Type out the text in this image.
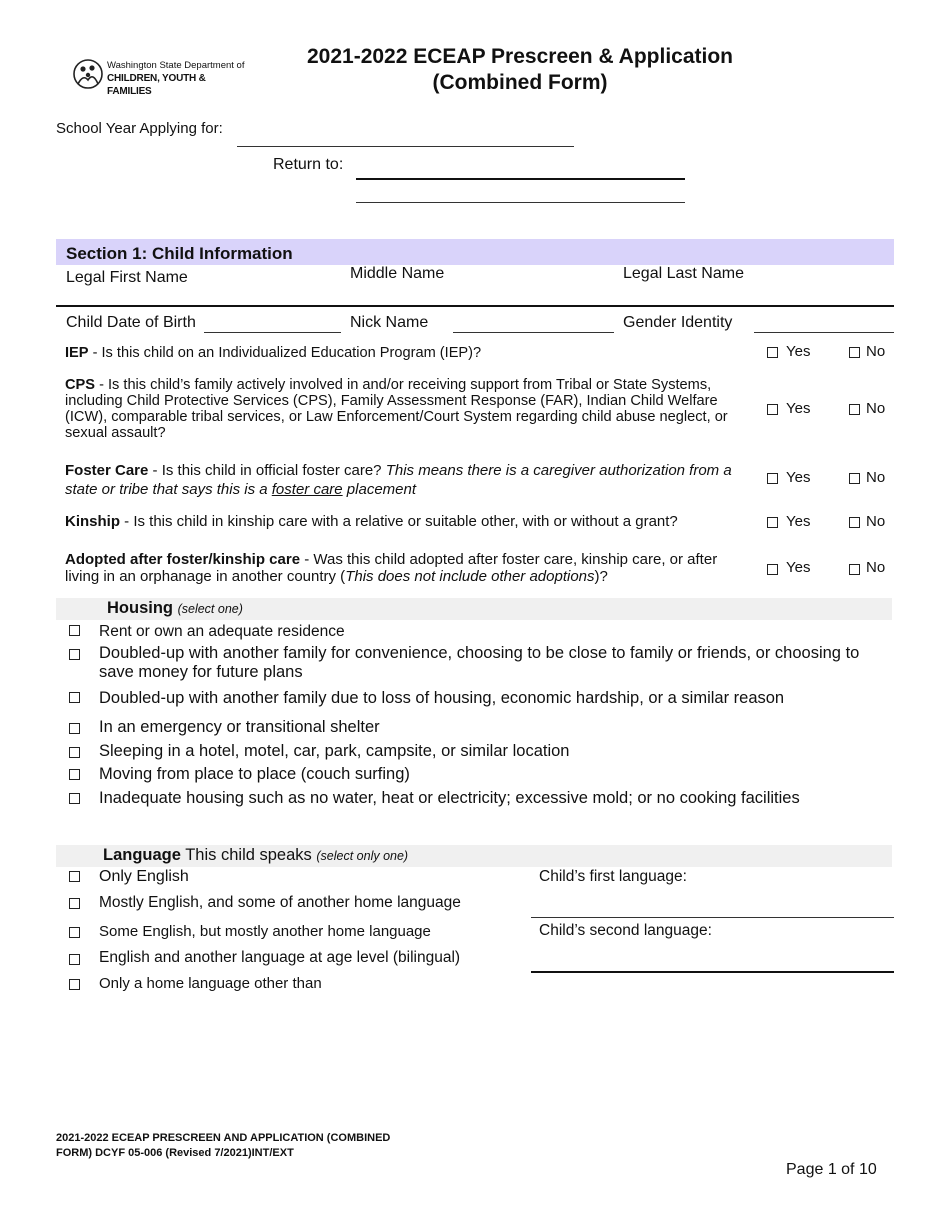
Washington State Department of
CHILDREN, YOUTH & FAMILIES
2021-2022 ECEAP Prescreen & Application
(Combined Form)
School Year Applying for:
Return to:
Section 1: Child Information
Legal First Name	Middle Name	Legal Last Name
Child Date of Birth	Nick Name	Gender Identity
IEP - Is this child on an Individualized Education Program (IEP)?	Yes	No
CPS - Is this child’s family actively involved in and/or receiving support from Tribal or State Systems, including Child Protective Services (CPS), Family Assessment Response (FAR), Indian Child Welfare (ICW), comparable tribal services, or Law Enforcement/Court System regarding child abuse neglect, or sexual assault?
Yes	No
Foster Care - Is this child in official foster care? This means there is a caregiver authorization from a state or tribe that says this is a foster care placement
Yes	No
Kinship - Is this child in kinship care with a relative or suitable other, with or without a grant?	Yes	No
Adopted after foster/kinship care - Was this child adopted after foster care, kinship care, or after living in an orphanage in another country (This does not include other adoptions)?
Yes	No
Housing (select one)
Rent or own an adequate residence
Doubled-up with another family for convenience, choosing to be close to family or friends, or choosing to save money for future plans
Doubled-up with another family due to loss of housing, economic hardship, or a similar reason
In an emergency or transitional shelter
Sleeping in a hotel, motel, car, park, campsite, or similar location
Moving from place to place (couch surfing)
Inadequate housing such as no water, heat or electricity; excessive mold; or no cooking facilities
Language This child speaks (select only one)
Only English
Mostly English, and some of another home language
Some English, but mostly another home language
English and another language at age level (bilingual)
Only a home language other than
Child’s first language:
Child’s second language:
2021-2022 ECEAP PRESCREEN AND APPLICATION (COMBINED
FORM) DCYF 05-006 (Revised 7/2021)INT/EXT
Page 1 of 10
